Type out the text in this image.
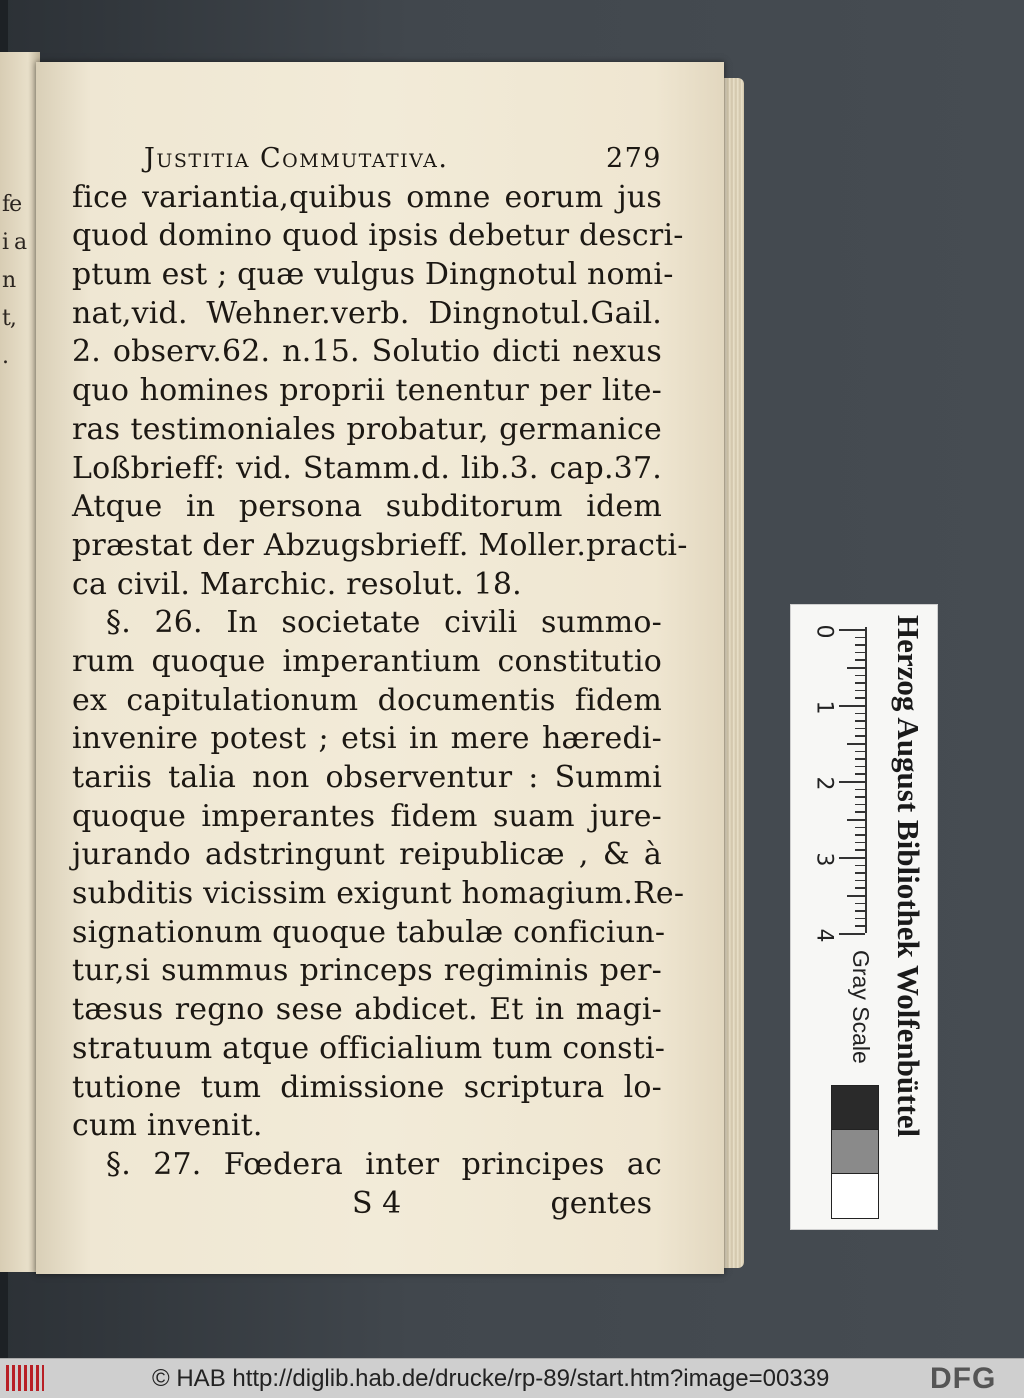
fe
i a
n
t,
.
Justitia Commutativa.	279
fice variantia,quibus omne eorum jus
quod domino quod ipsis debetur descri-
ptum est ; quæ vulgus Dingnotul nomi-
nat,vid. Wehner.verb. Dingnotul.Gail.
2. observ.62. n.15. Solutio dicti nexus
quo homines proprii tenentur per lite-
ras testimoniales probatur, germanice
Loßbrieff: vid. Stamm.d. lib.3. cap.37.
Atque in persona subditorum idem
præstat der Abzugsbrieff. Moller.practi-
ca civil. Marchic. resolut. 18.
§. 26. In societate civili summo-
rum quoque imperantium constitutio
ex capitulationum documentis fidem
invenire potest ; etsi in mere hæredi-
tariis talia non observentur : Summi
quoque imperantes fidem suam jure-
jurando adstringunt reipublicæ , & à
subditis vicissim exigunt homagium.Re-
signationum quoque tabulæ conficiun-
tur,si summus princeps regiminis per-
tæsus regno sese abdicet. Et in magi-
stratuum atque officialium tum consti-
tutione tum dimissione scriptura lo-
cum invenit.
§. 27. Fœdera inter principes ac
S 4	gentes
0
1
2
3
4
Gray Scale Herzog August Bibliothek Wolfenbüttel
© HAB http://diglib.hab.de/drucke/rp-89/start.htm?image=00339	DFG
